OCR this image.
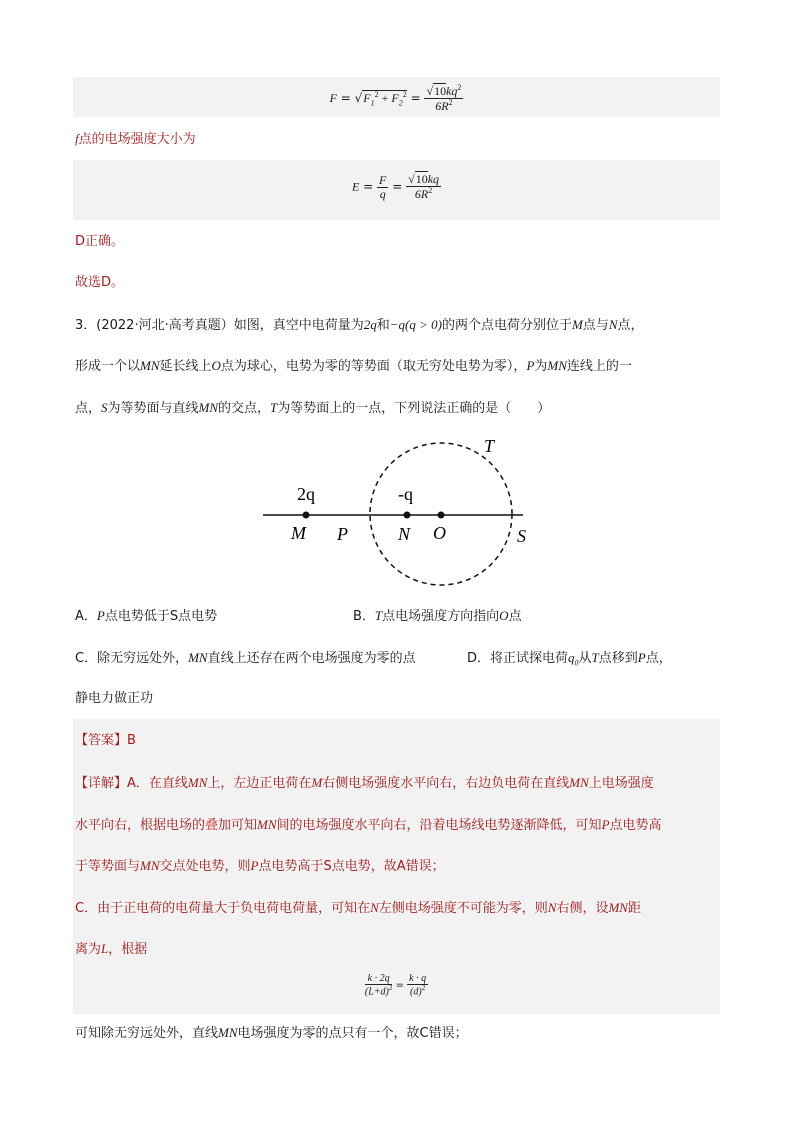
$F = √F_1^2 + F_2^2 = \frac{√10kq^2}{6R^2}$
f点的电场强度大小为
$E = \frac{F}{q} = \frac{√10kq}{6R^2}$
D正确。
故选D。
3．(2022·河北·高考真题）如图，真空中电荷量为2q和−q(q > 0)的两个点电荷分别位于M点与N点，
形成一个以MN延长线上O点为球心，电势为零的等势面（取无穷处电势为零），P为MN连线上的一
点，S为等势面与直线MN的交点，T为等势面上的一点，下列说法正确的是（　　）
T
2q	-q
M P	N O	S
A．P点电势低于S点电势	B．T点电场强度方向指向O点
C．除无穷远处外，MN直线上还存在两个电场强度为零的点	D．将正试探电荷$q_0$从T点移到P点，
静电力做正功
【答案】B
【详解】A．在直线MN上，左边正电荷在M右侧电场强度水平向右，右边负电荷在直线MN上电场强度
水平向右，根据电场的叠加可知MN间的电场强度水平向右，沿着电场线电势逐渐降低，可知P点电势高
于等势面与MN交点处电势，则P点电势高于S点电势，故A错误；
C．由于正电荷的电荷量大于负电荷电荷量，可知在N左侧电场强度不可能为零，则N右侧，设MN距
离为L，根据
$\frac{k \cdot 2q}{(L+d)^2} = \frac{k \cdot q}{(d)^2}$
可知除无穷远处外，直线MN电场强度为零的点只有一个，故C错误；
